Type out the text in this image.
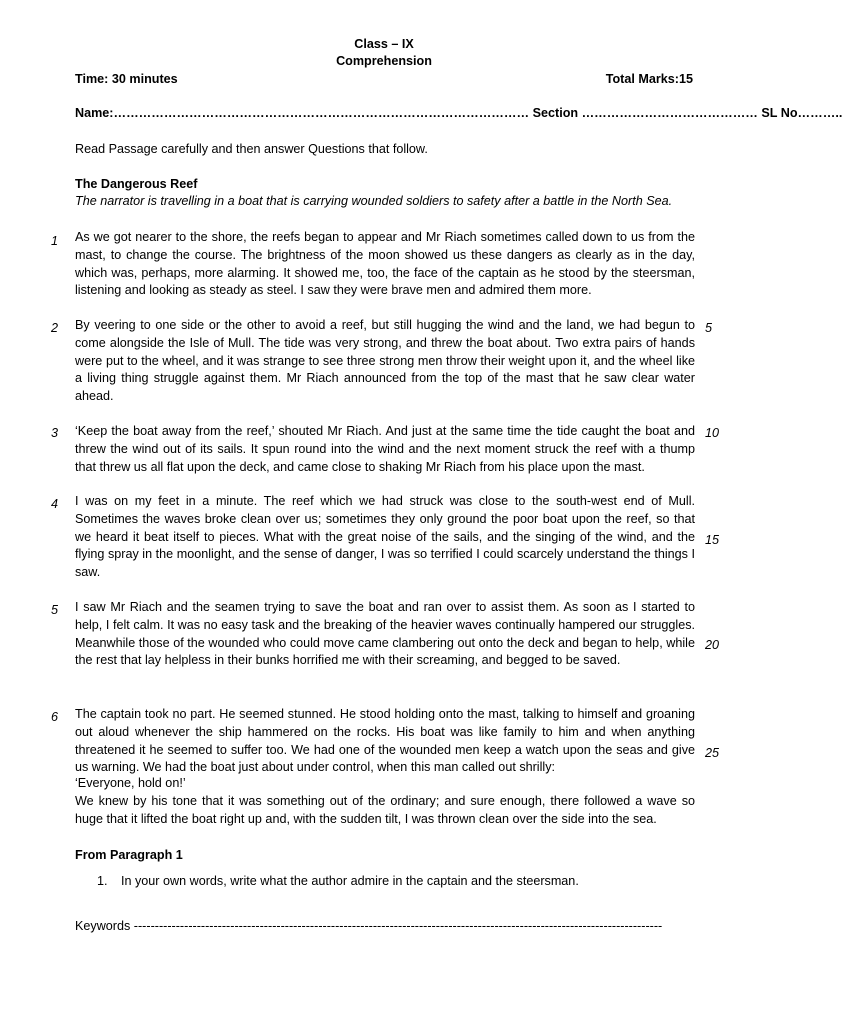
Class – IX
Comprehension
Time: 30 minutes	Total Marks:15
Name:……………………………………………………………………………………… Section …………………………………… SL No………..
Read Passage carefully and then answer Questions that follow.
The Dangerous Reef
The narrator is travelling in a boat that is carrying wounded soldiers to safety after a battle in the North Sea.
1 As we got nearer to the shore, the reefs began to appear and Mr Riach sometimes called down to us from the mast, to change the course. The brightness of the moon showed us these dangers as clearly as in the day, which was, perhaps, more alarming. It showed me, too, the face of the captain as he stood by the steersman, listening and looking as steady as steel. I saw they were brave men and admired them more.

2 By veering to one side or the other to avoid a reef, but still hugging the wind and the land, we had begun to come alongside the Isle of Mull. The tide was very strong, and threw the boat about. Two extra pairs of hands were put to the wheel, and it was strange to see three strong men throw their weight upon it, and the wheel like a living thing struggle against them. Mr Riach announced from the top of the mast that he saw clear water ahead.

5
3 ‘Keep the boat away from the reef,’ shouted Mr Riach. And just at the same time the tide caught the boat and threw the wind out of its sails. It spun round into the wind and the next moment struck the reef with a thump that threw us all flat upon the deck, and came close to shaking Mr Riach from his place upon the mast.

10
4 I was on my feet in a minute. The reef which we had struck was close to the south-west end of Mull. Sometimes the waves broke clean over us; sometimes they only ground the poor boat upon the reef, so that we heard it beat itself to pieces. What with the great noise of the sails, and the singing of the wind, and the flying spray in the moonlight, and the sense of danger, I was so terrified I could scarcely understand the things I saw.

15
5 I saw Mr Riach and the seamen trying to save the boat and ran over to assist them. As soon as I started to help, I felt calm. It was no easy task and the breaking of the heavier waves continually hampered our struggles. Meanwhile those of the wounded who could move came clambering out onto the deck and began to help, while the rest that lay helpless in their bunks horrified me with their screaming, and begged to be saved.

20
6 The captain took no part. He seemed stunned. He stood holding onto the mast, talking to himself and groaning out aloud whenever the ship hammered on the rocks. His boat was like family to him and when anything threatened it he seemed to suffer too. We had one of the wounded men keep a watch upon the seas and give us warning. We had the boat just about under control, when this man called out shrilly:

25
‘Everyone, hold on!’

We knew by his tone that it was something out of the ordinary; and sure enough, there followed a wave so huge that it lifted the boat right up and, with the sudden tilt, I was thrown clean over the side into the sea.

From Paragraph 1
1. In your own words, write what the author admire in the captain and the steersman.
Keywords ------------------------------------------------------------------------------------------------------------------------------
